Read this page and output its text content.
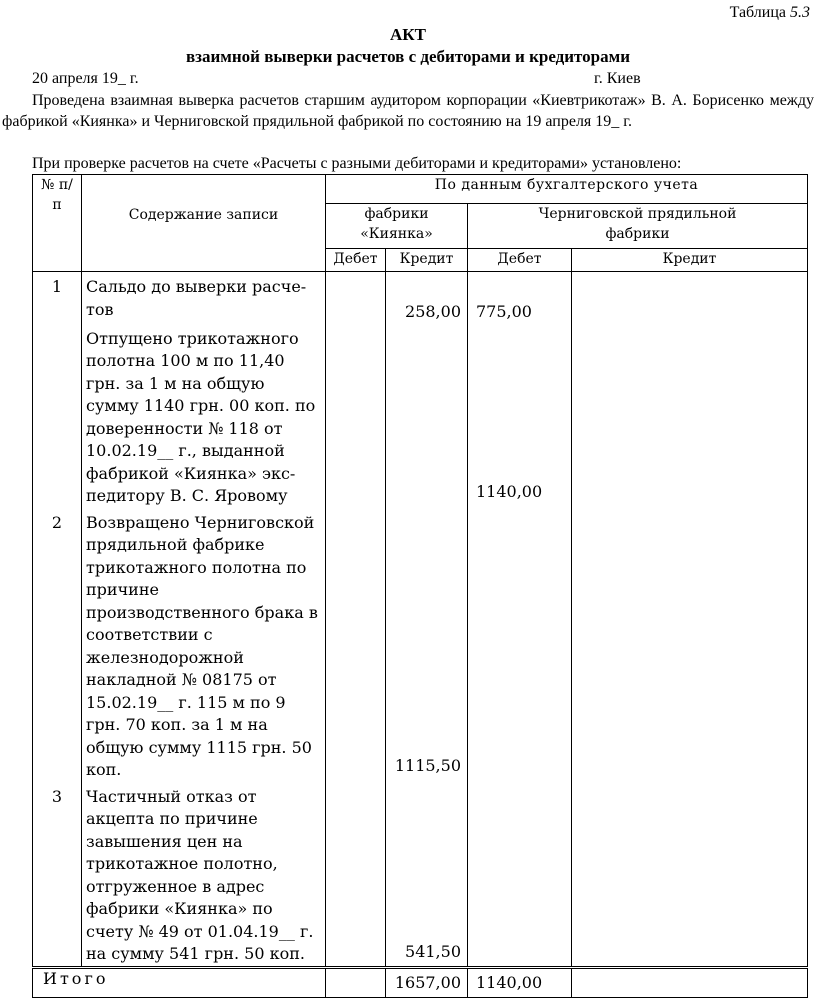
Таблица 5.3
АКТ
взаимной выверки расчетов с дебиторами и кредиторами
20 апреля 19_ г.	г. Киев

Проведена взаимная выверка расчетов старшим аудитором корпорации «Киевтрикотаж» В. А. Борисенко между фабрикой «Киянка» и Черниговской прядильной фабрикой по состоянию на 19 апреля 19_ г.

При проверке расчетов на счете «Расчеты с разными дебиторами и кредиторами» установлено:

№ п/п	Содержание записи	По данным бухгалтерского учета			
		фабрики «Киянка»		Черниговской прядильной фабрики	
		Дебет	Кредит	Дебет	Кредит
1	Сальдо до выверки расче-тов		258,00	775,00	
	Отпущено трикотажного полотна 100 м по 11,40 грн. за 1 м на общую сумму 1140 грн. 00 коп. по доверенности № 118 от 10.02.19__ г., выданной фабрикой «Киянка» экс-педитору В. С. Яровому			1140,00	
2	Возвращено Черниговской прядильной фабрике трикотажного полотна по причине производственного брака в соответствии с железнодорожной накладной № 08175 от 15.02.19__ г. 115 м по 9 грн. 70 коп. за 1 м на общую сумму 1115 грн. 50 коп.		1115,50		
3	Частичный отказ от акцепта по причине завышения цен на трикотажное полотно, отгруженное в адрес фабрики «Киянка» по счету № 49 от 01.04.19__ г. на сумму 541 грн. 50 коп.		541,50		
Итого			1657,00	1140,00	
